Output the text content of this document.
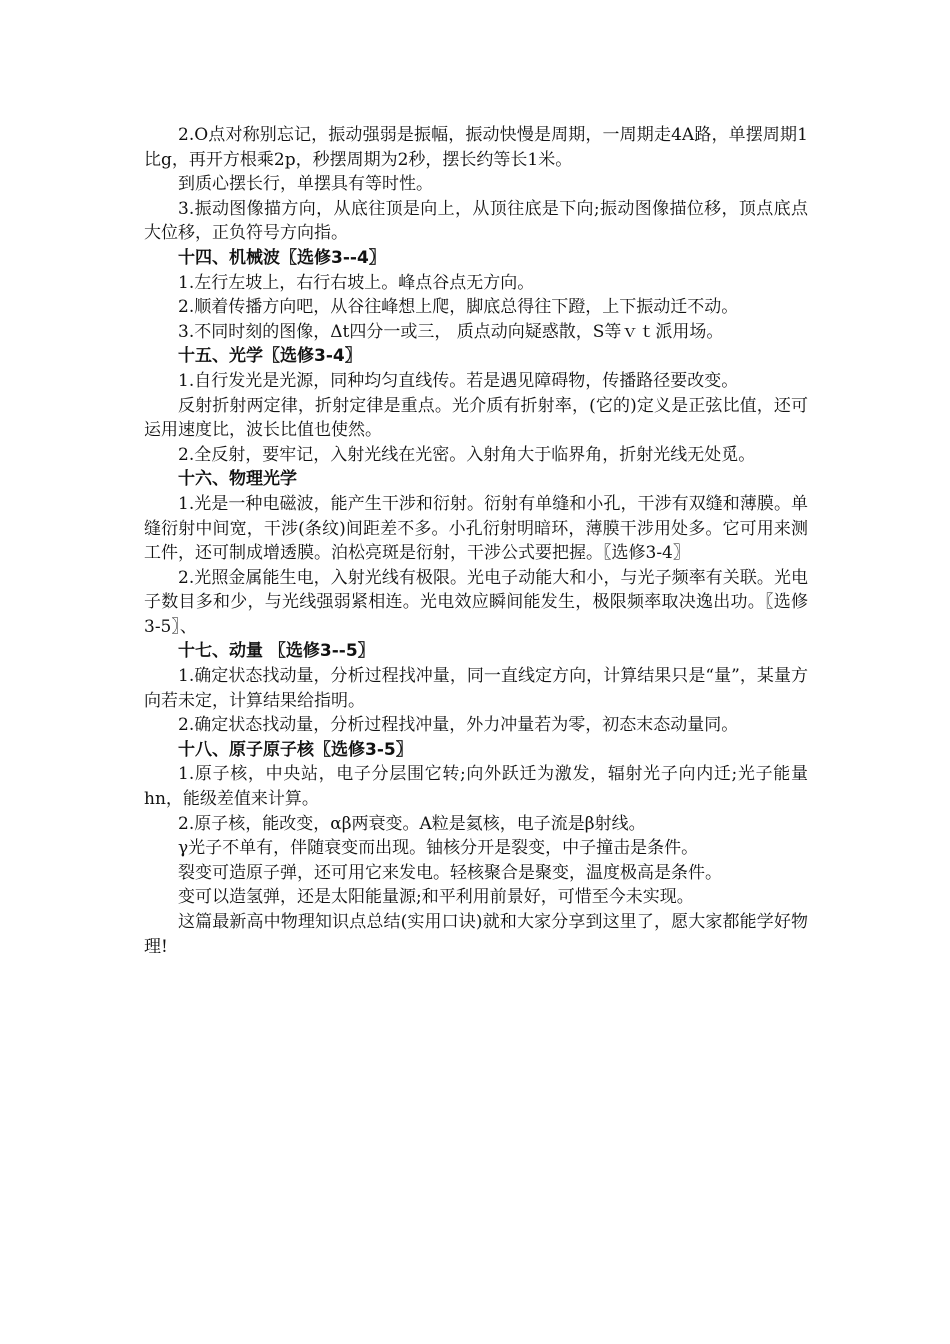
2.O点对称别忘记，振动强弱是振幅，振动快慢是周期，一周期走4A路，单摆周期1比g，再开方根乘2p，秒摆周期为2秒，摆长约等长1米。

到质心摆长行，单摆具有等时性。

3.振动图像描方向，从底往顶是向上，从顶往底是下向;振动图像描位移，顶点底点大位移，正负符号方向指。

十四、机械波〖选修3--4〗

1.左行左坡上，右行右坡上。峰点谷点无方向。

2.顺着传播方向吧，从谷往峰想上爬，脚底总得往下蹬，上下振动迁不动。

3.不同时刻的图像，Δt四分一或三， 质点动向疑惑散，S等ｖｔ派用场。

十五、光学〖选修3-4〗

1.自行发光是光源，同种均匀直线传。若是遇见障碍物，传播路径要改变。

反射折射两定律，折射定律是重点。光介质有折射率，(它的)定义是正弦比值，还可运用速度比，波长比值也使然。

2.全反射，要牢记，入射光线在光密。入射角大于临界角，折射光线无处觅。

十六、物理光学

1.光是一种电磁波，能产生干涉和衍射。衍射有单缝和小孔，干涉有双缝和薄膜。单缝衍射中间宽，干涉(条纹)间距差不多。小孔衍射明暗环，薄膜干涉用处多。它可用来测工件，还可制成增透膜。泊松亮斑是衍射，干涉公式要把握。〖选修3-4〗

2.光照金属能生电，入射光线有极限。光电子动能大和小，与光子频率有关联。光电子数目多和少，与光线强弱紧相连。光电效应瞬间能发生，极限频率取决逸出功。〖选修3-5〗、

十七、动量 〖选修3--5〗

1.确定状态找动量，分析过程找冲量，同一直线定方向，计算结果只是“量”，某量方向若未定，计算结果给指明。

2.确定状态找动量，分析过程找冲量，外力冲量若为零，初态末态动量同。

十八、原子原子核〖选修3-5〗

1.原子核，中央站，电子分层围它转;向外跃迁为激发，辐射光子向内迁;光子能量hn，能级差值来计算。

2.原子核，能改变，αβ两衰变。A粒是氦核，电子流是β射线。

γ光子不单有，伴随衰变而出现。铀核分开是裂变，中子撞击是条件。

裂变可造原子弹，还可用它来发电。轻核聚合是聚变，温度极高是条件。

变可以造氢弹，还是太阳能量源;和平利用前景好，可惜至今未实现。

这篇最新高中物理知识点总结(实用口诀)就和大家分享到这里了，愿大家都能学好物理!
